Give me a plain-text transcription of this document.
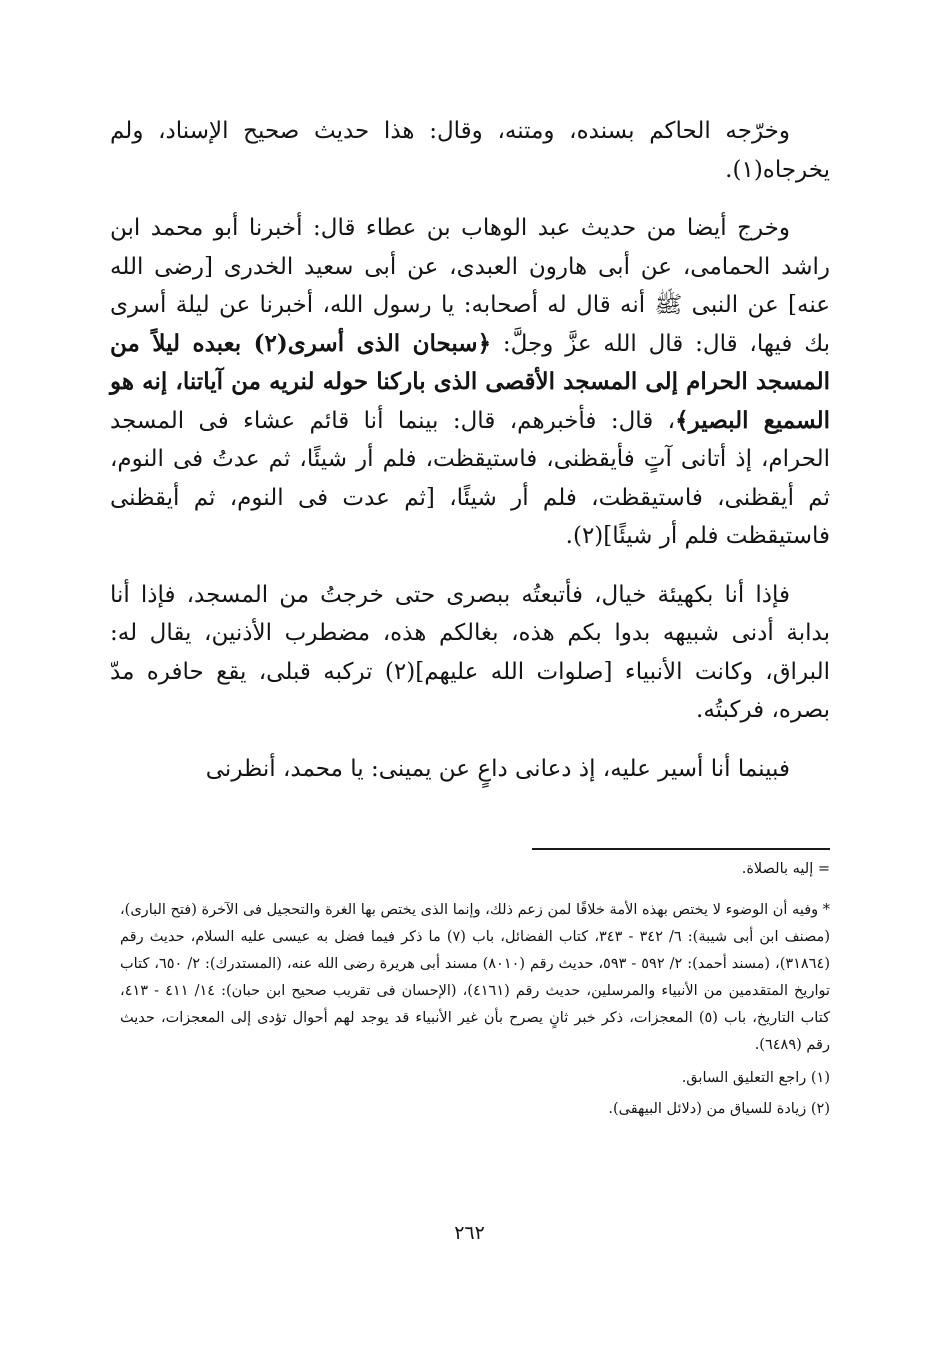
وخرّجه الحاكم بسنده، ومتنه، وقال: هذا حديث صحيح الإسناد، ولم يخرجاه(١).

وخرج أيضا من حديث عبد الوهاب بن عطاء قال: أخبرنا أبو محمد ابن راشد الحمامى، عن أبى هارون العبدى، عن أبى سعيد الخدرى [رضى الله عنه] عن النبى ﷺ أنه قال له أصحابه: يا رسول الله، أخبرنا عن ليلة أسرى بك فيها، قال: قال الله عزَّ وجلَّ: ﴿سبحان الذى أسرى(٢) بعبده ليلاً من المسجد الحرام إلى المسجد الأقصى الذى باركنا حوله لنريه من آياتنا، إنه هو السميع البصير﴾، قال: فأخبرهم، قال: بينما أنا قائم عشاء فى المسجد الحرام، إذ أتانى آتٍ فأيقظنى، فاستيقظت، فلم أر شيئًا، ثم عدتُ فى النوم، ثم أيقظنى، فاستيقظت، فلم أر شيئًا، [ثم عدت فى النوم، ثم أيقظنى فاستيقظت فلم أر شيئًا](٢).

فإذا أنا بكهيئة خيال، فأتبعتُه ببصرى حتى خرجتُ من المسجد، فإذا أنا بدابة أدنى شبيهه بدوا بكم هذه، بغالكم هذه، مضطرب الأذنين، يقال له: البراق، وكانت الأنبياء [صلوات الله عليهم](٢) تركبه قبلى، يقع حافره مدّ بصره، فركبتُه.

فبينما أنا أسير عليه، إذ دعانى داعٍ عن يمينى: يا محمد، أنظرنى

= إليه بالصلاة.

* وفيه أن الوضوء لا يختص بهذه الأمة خلافًا لمن زعم ذلك، وإنما الذى يختص بها الغرة والتحجيل فى الآخرة (فتح البارى)، (مصنف ابن أبى شيبة): ٦/ ٣٤٢ - ٣٤٣، كتاب الفضائل، باب (٧) ما ذكر فيما فضل به عيسى عليه السلام، حديث رقم (٣١٨٦٤)، (مسند أحمد): ٢/ ٥٩٢ - ٥٩٣، حديث رقم (٨٠١٠) مسند أبى هريرة رضى الله عنه، (المستدرك): ٢/ ٦٥٠، كتاب تواريخ المتقدمين من الأنبياء والمرسلين، حديث رقم (٤١٦١)، (الإحسان فى تقريب صحيح ابن حبان): ١٤/ ٤١١ - ٤١٣، كتاب التاريخ، باب (٥) المعجزات، ذكر خبر ثانٍ يصرح بأن غير الأنبياء قد يوجد لهم أحوال تؤدى إلى المعجزات، حديث رقم (٦٤٨٩).

(١) راجع التعليق السابق.

(٢) زيادة للسياق من (دلائل البيهقى).

٢٦٢
